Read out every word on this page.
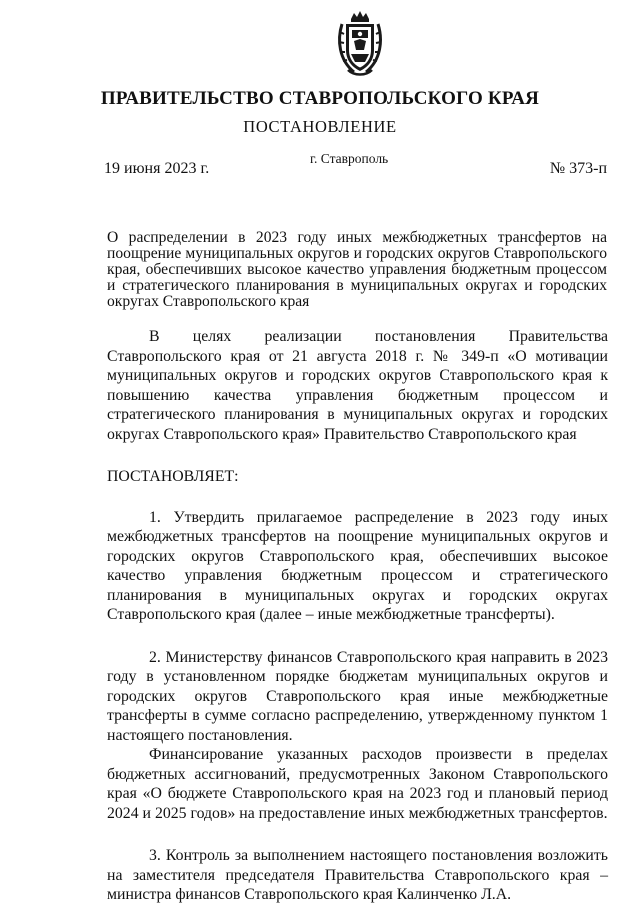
ПРАВИТЕЛЬСТВО СТАВРОПОЛЬСКОГО КРАЯ
ПОСТАНОВЛЕНИЕ
19 июня 2023 г.
г. Ставрополь
№ 373-п
О распределении в 2023 году иных межбюджетных трансфертов на поощрение муниципальных округов и городских округов Ставропольского края, обеспечивших высокое качество управления бюджетным процессом и стратегического планирования в муниципальных округах и городских округах Ставропольского края

В целях реализации постановления Правительства Ставропольского края от 21 августа 2018 г. № 349-п «О мотивации муниципальных округов и городских округов Ставропольского края к повышению качества управления бюджетным процессом и стратегического планирования в муниципальных округах и городских округах Ставропольского края» Правительство Ставропольского края

ПОСТАНОВЛЯЕТ:

1. Утвердить прилагаемое распределение в 2023 году иных межбюджетных трансфертов на поощрение муниципальных округов и городских округов Ставропольского края, обеспечивших высокое качество управления бюджетным процессом и стратегического планирования в муниципальных округах и городских округах Ставропольского края (далее – иные межбюджетные трансферты).

2. Министерству финансов Ставропольского края направить в 2023 году в установленном порядке бюджетам муниципальных округов и городских округов Ставропольского края иные межбюджетные трансферты в сумме согласно распределению, утвержденному пунктом 1 настоящего постановления.

Финансирование указанных расходов произвести в пределах бюджетных ассигнований, предусмотренных Законом Ставропольского края «О бюджете Ставропольского края на 2023 год и плановый период 2024 и 2025 годов» на предоставление иных межбюджетных трансфертов.

3. Контроль за выполнением настоящего постановления возложить на заместителя председателя Правительства Ставропольского края – министра финансов Ставропольского края Калинченко Л.А.
